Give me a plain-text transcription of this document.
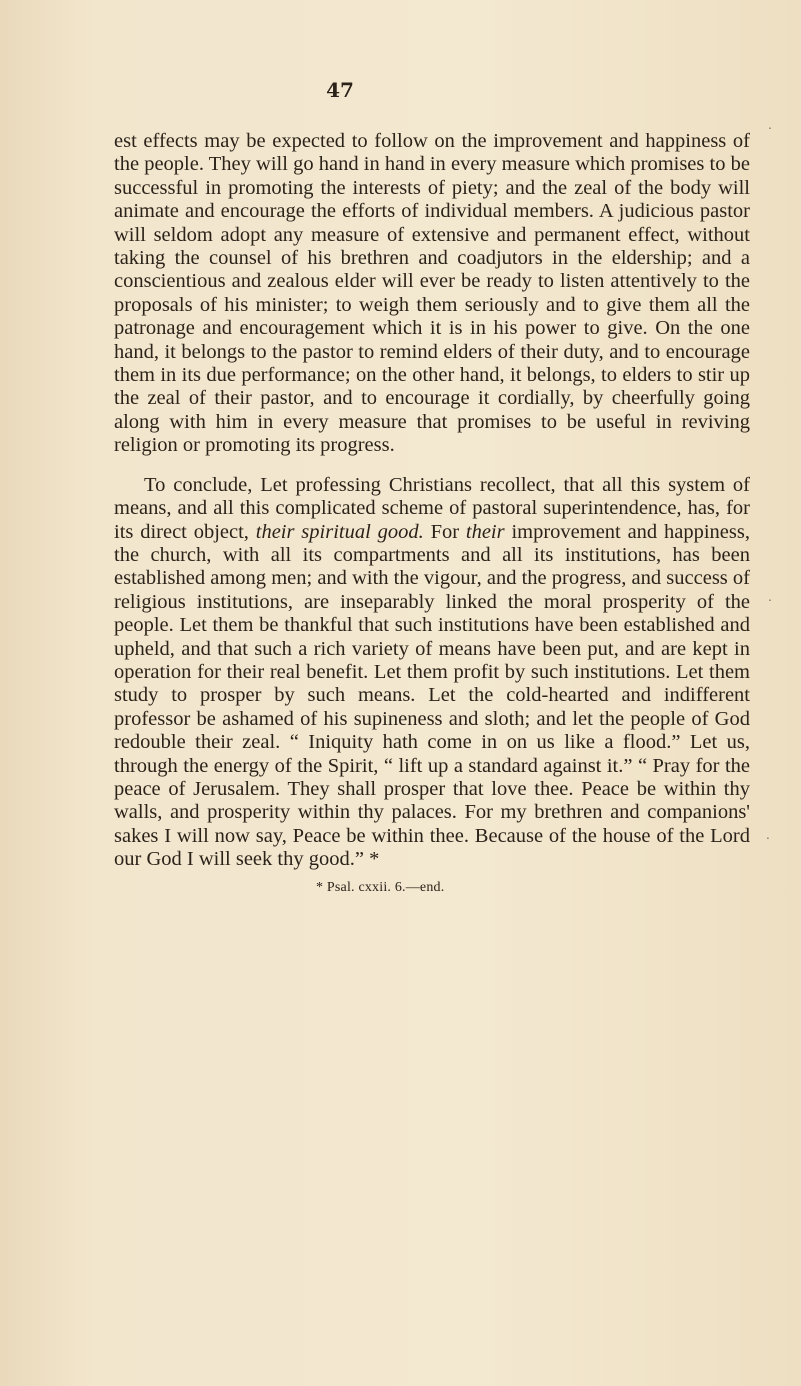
47

est effects may be expected to follow on the improvement and happiness of the people. They will go hand in hand in every measure which promises to be successful in promoting the interests of piety; and the zeal of the body will animate and encourage the efforts of individual members. A judicious pastor will seldom adopt any measure of extensive and permanent effect, without taking the counsel of his brethren and coadjutors in the eldership; and a conscientious and zealous elder will ever be ready to listen attentively to the proposals of his minister; to weigh them seriously and to give them all the patronage and encouragement which it is in his power to give. On the one hand, it belongs to the pastor to remind elders of their duty, and to encourage them in its due performance; on the other hand, it belongs, to elders to stir up the zeal of their pastor, and to encourage it cordially, by cheerfully going along with him in every measure that promises to be useful in reviving religion or promoting its progress.

To conclude, Let professing Christians recollect, that all this system of means, and all this complicated scheme of pastoral superintendence, has, for its direct object, their spiritual good. For their improvement and happiness, the church, with all its compartments and all its institutions, has been established among men; and with the vigour, and the progress, and success of religious institutions, are inseparably linked the moral prosperity of the people. Let them be thankful that such institutions have been established and upheld, and that such a rich variety of means have been put, and are kept in operation for their real benefit. Let them profit by such institutions. Let them study to prosper by such means. Let the cold-hearted and indifferent professor be ashamed of his supineness and sloth; and let the people of God redouble their zeal. “ Iniquity hath come in on us like a flood.” Let us, through the energy of the Spirit, “ lift up a standard against it.” “ Pray for the peace of Jerusalem. They shall prosper that love thee. Peace be within thy walls, and prosperity within thy palaces. For my brethren and companions' sakes I will now say, Peace be within thee. Because of the house of the Lord our God I will seek thy good.” *

* Psal. cxxii. 6.—end.
.
.
.
